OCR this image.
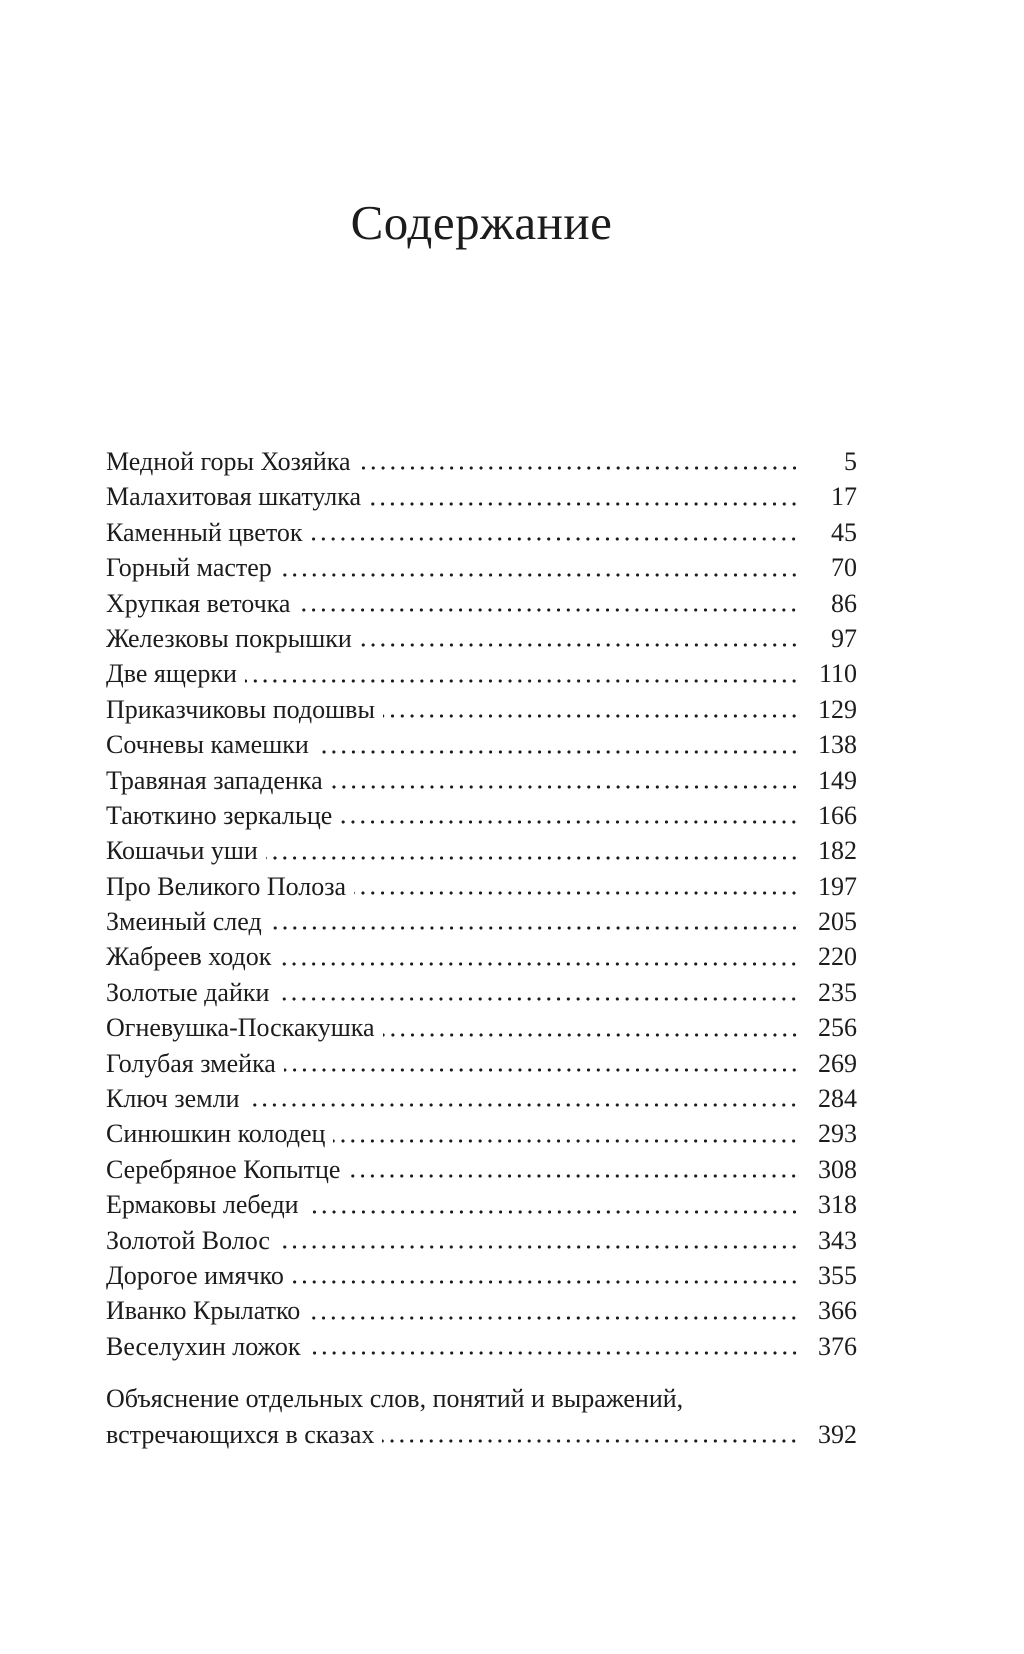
Содержание
Медной горы Хозяйка	5
Малахитовая шкатулка	17
Каменный цветок	45
Горный мастер	70
Хрупкая веточка	86
Железковы покрышки	97
Две ящерки	110
Приказчиковы подошвы	129
Сочневы камешки	138
Травяная западенка	149
Таюткино зеркальце	166
Кошачьи уши	182
Про Великого Полоза	197
Змеиный след	205
Жабреев ходок	220
Золотые дайки	235
Огневушка-Поскакушка	256
Голубая змейка	269
Ключ земли	284
Синюшкин колодец	293
Серебряное Копытце	308
Ермаковы лебеди	318
Золотой Волос	343
Дорогое имячко	355
Иванко Крылатко	366
Веселухин ложок	376
Объяснение отдельных слов, понятий и выражений,
встречающихся в сказах	392
